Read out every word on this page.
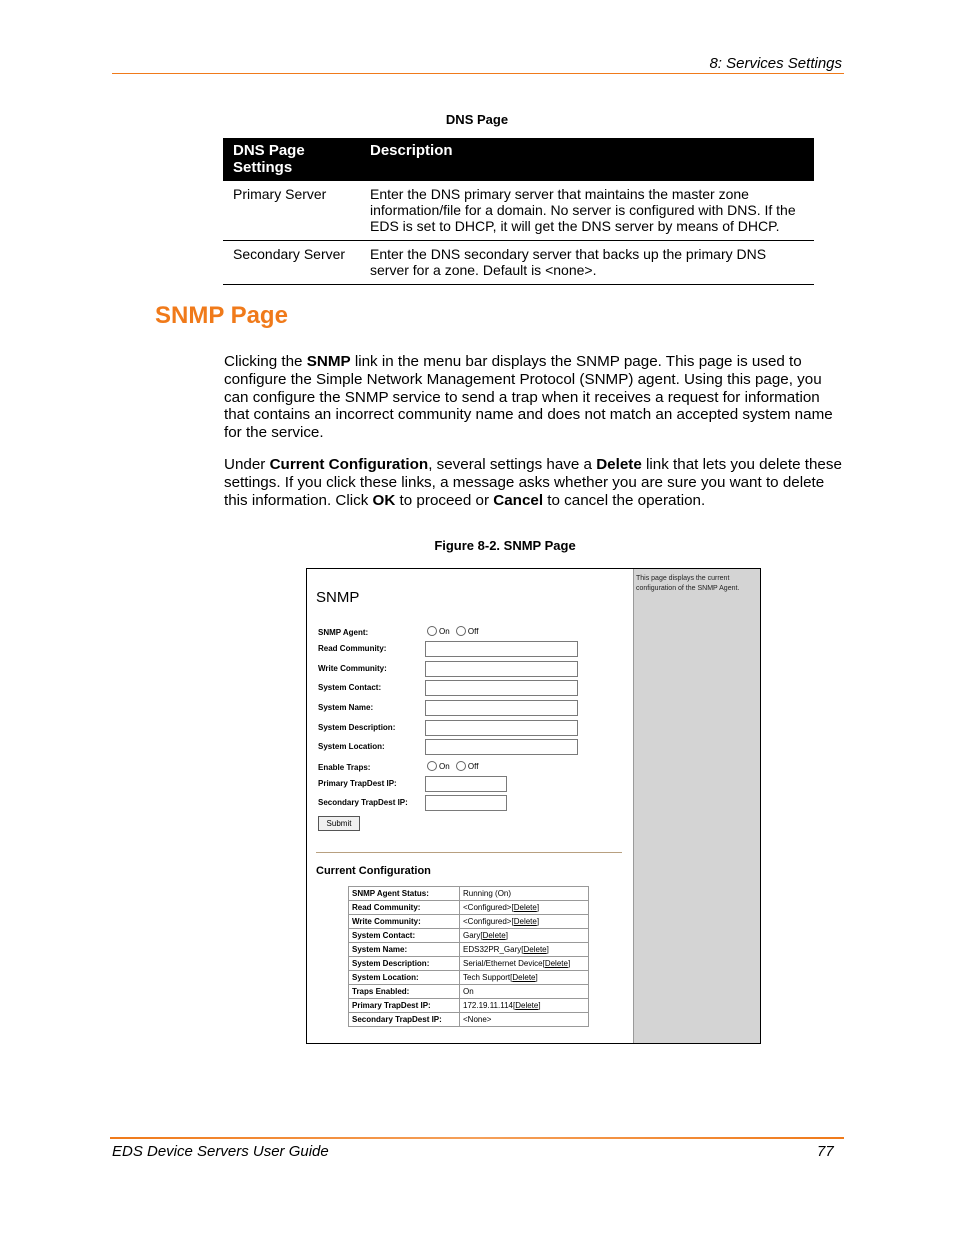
8: Services Settings
DNS Page
DNS Page Settings	Description
Primary Server	Enter the DNS primary server that maintains the master zone information/file for a domain. No server is configured with DNS. If the EDS is set to DHCP, it will get the DNS server by means of DHCP.
Secondary Server	Enter the DNS secondary server that backs up the primary DNS server for a zone. Default is <none>.
SNMP Page
Clicking the SNMP link in the menu bar displays the SNMP page. This page is used to configure the Simple Network Management Protocol (SNMP) agent. Using this page, you can configure the SNMP service to send a trap when it receives a request for information that contains an incorrect community name and does not match an accepted system name for the service.
Under Current Configuration, several settings have a Delete link that lets you delete these settings. If you click these links, a message asks whether you are sure you want to delete this information. Click OK to proceed or Cancel to cancel the operation.
Figure 8-2. SNMP Page
This page displays the current configuration of the SNMP Agent.
SNMP
SNMP Agent:	On Off
Read Community:
Write Community:
System Contact:
System Name:
System Description:
System Location:
Enable Traps:	On Off
Primary TrapDest IP:
Secondary TrapDest IP:
Submit
Current Configuration
SNMP Agent Status:	Running (On)
Read Community:	<Configured>[Delete]
Write Community:	<Configured>[Delete]
System Contact:	Gary[Delete]
System Name:	EDS32PR_Gary[Delete]
System Description:	Serial/Ethernet Device[Delete]
System Location:	Tech Support[Delete]
Traps Enabled:	On
Primary TrapDest IP:	172.19.11.114[Delete]
Secondary TrapDest IP:	<None>
EDS Device Servers User Guide	77
